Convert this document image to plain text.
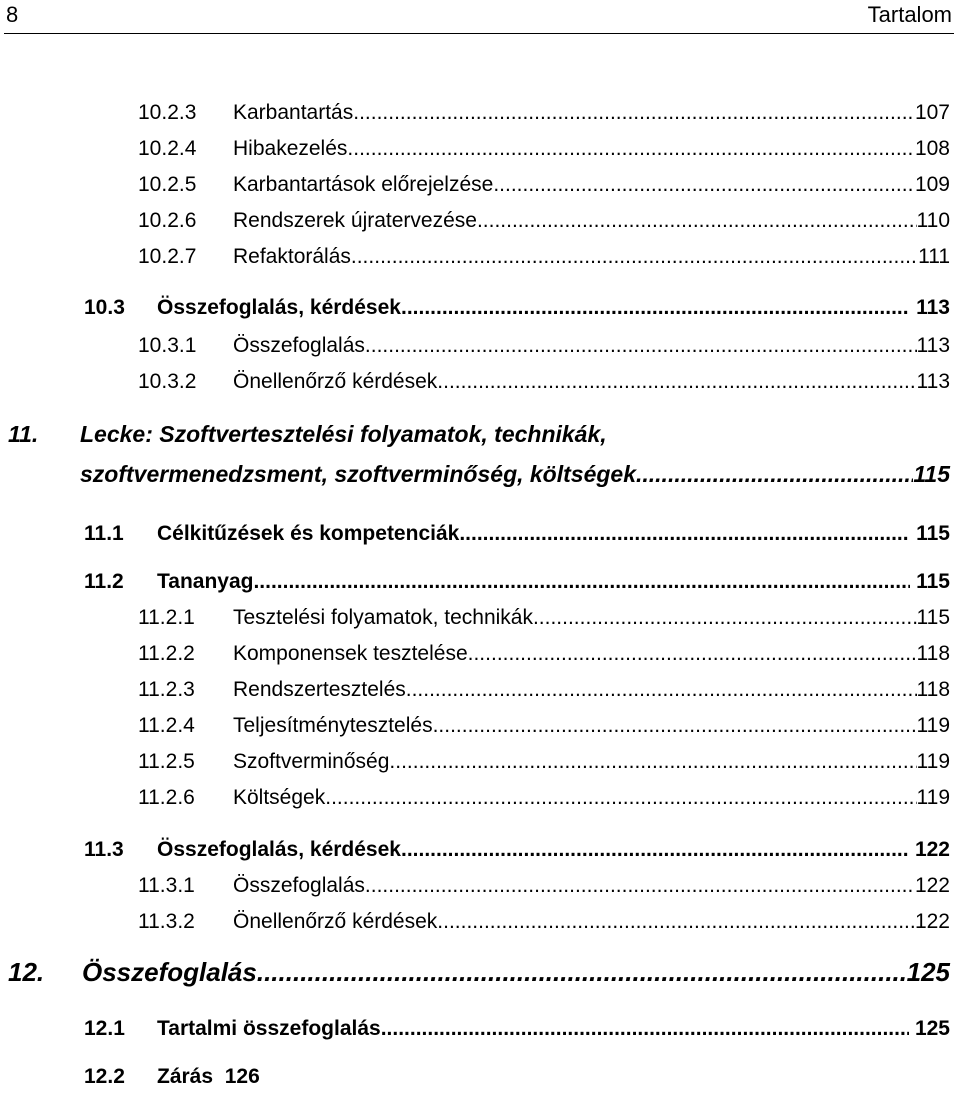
8	Tartalom
10.2.3	Karbantartás .....	107
10.2.4	Hibakezelés .....	108
10.2.5	Karbantartások előrejelzése .....	109
10.2.6	Rendszerek újratervezése .....	110
10.2.7	Refaktorálás .....	111
10.3	Összefoglalás, kérdések .....	113
10.3.1	Összefoglalás .....	113
10.3.2	Önellenőrző kérdések .....	113
11. Lecke: Szoftvertesztelési folyamatok, technikák,
szoftvermenedzsment, szoftverminőség, költségek .....	115
11.1	Célkitűzések és kompetenciák .....	115
11.2	Tananyag .....	115
11.2.1	Tesztelési folyamatok, technikák .....	115
11.2.2	Komponensek tesztelése .....	118
11.2.3	Rendszertesztelés .....	118
11.2.4	Teljesítménytesztelés .....	119
11.2.5	Szoftverminőség .....	119
11.2.6	Költségek .....	119
11.3	Összefoglalás, kérdések .....	122
11.3.1	Összefoglalás .....	122
11.3.2	Önellenőrző kérdések .....	122
12.	Összefoglalás .....	125
12.1	Tartalmi összefoglalás .....	125
12.2 Zárás 126
